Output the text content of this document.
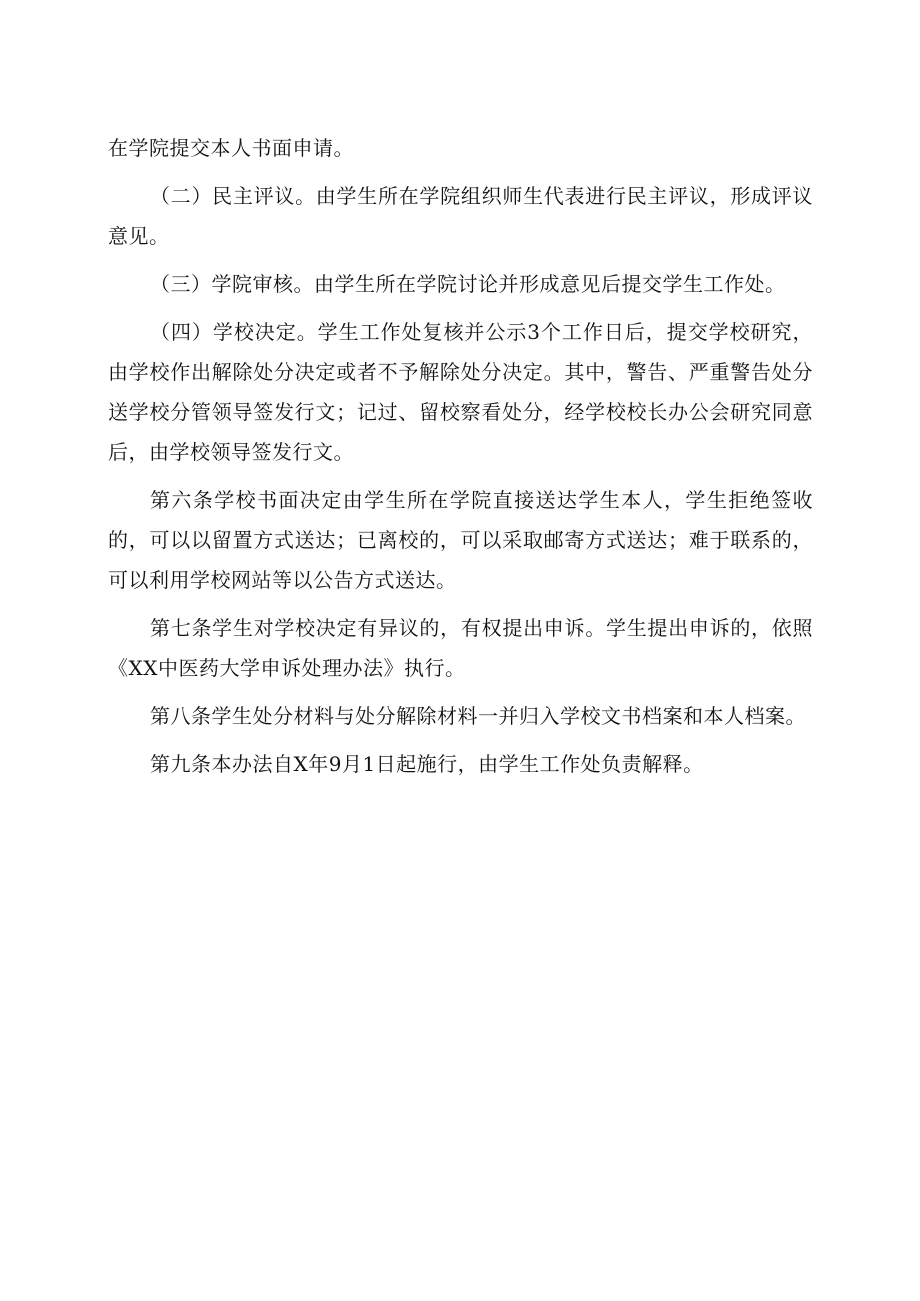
在学院提交本人书面申请。

（二）民主评议。由学生所在学院组织师生代表进行民主评议，形成评议意见。

（三）学院审核。由学生所在学院讨论并形成意见后提交学生工作处。

（四）学校决定。学生工作处复核并公示3个工作日后，提交学校研究，由学校作出解除处分决定或者不予解除处分决定。其中，警告、严重警告处分送学校分管领导签发行文；记过、留校察看处分，经学校校长办公会研究同意后，由学校领导签发行文。

第六条学校书面决定由学生所在学院直接送达学生本人，学生拒绝签收的，可以以留置方式送达；已离校的，可以采取邮寄方式送达；难于联系的，可以利用学校网站等以公告方式送达。

第七条学生对学校决定有异议的，有权提出申诉。学生提出申诉的，依照《XX中医药大学申诉处理办法》执行。

第八条学生处分材料与处分解除材料一并归入学校文书档案和本人档案。

第九条本办法自X年9月1日起施行，由学生工作处负责解释。
